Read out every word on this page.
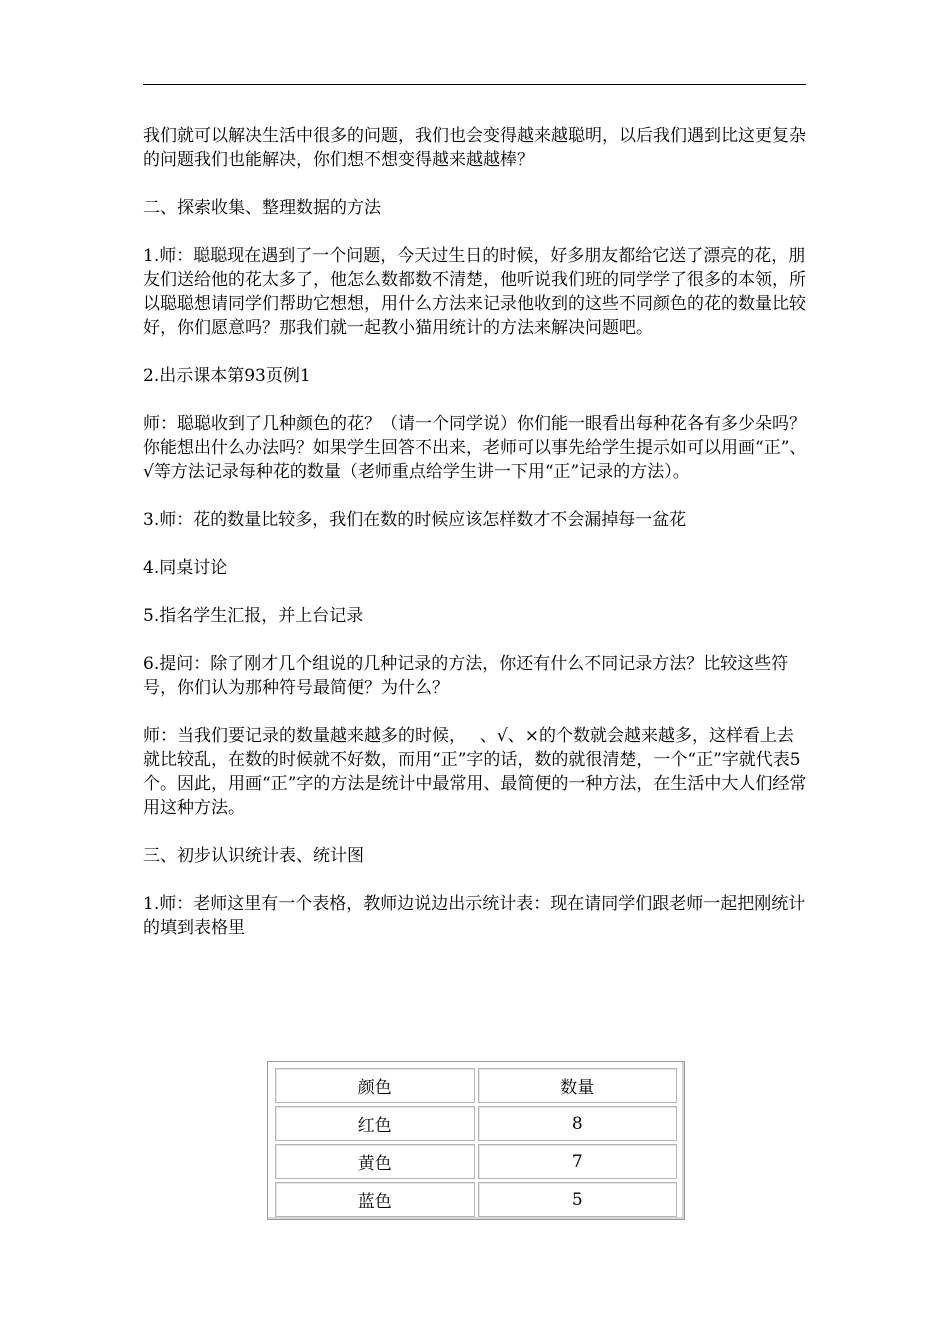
我们就可以解决生活中很多的问题，我们也会变得越来越聪明，以后我们遇到比这更复杂的问题我们也能解决，你们想不想变得越来越越棒？

二、探索收集、整理数据的方法

1.师：聪聪现在遇到了一个问题，今天过生日的时候，好多朋友都给它送了漂亮的花，朋友们送给他的花太多了，他怎么数都数不清楚，他听说我们班的同学学了很多的本领，所以聪聪想请同学们帮助它想想，用什么方法来记录他收到的这些不同颜色的花的数量比较好，你们愿意吗？那我们就一起教小猫用统计的方法来解决问题吧。

2.出示课本第93页例1

师：聪聪收到了几种颜色的花？（请一个同学说）你们能一眼看出每种花各有多少朵吗？你能想出什么办法吗？如果学生回答不出来，老师可以事先给学生提示如可以用画“正”、√等方法记录每种花的数量（老师重点给学生讲一下用“正”记录的方法）。

3.师：花的数量比较多，我们在数的时候应该怎样数才不会漏掉每一盆花

4.同桌讨论

5.指名学生汇报，并上台记录

6.提问：除了刚才几个组说的几种记录的方法，你还有什么不同记录方法？比较这些符号，你们认为那种符号最简便？为什么？

师：当我们要记录的数量越来越多的时候，　 、√、×的个数就会越来越多，这样看上去就比较乱，在数的时候就不好数，而用“正”字的话，数的就很清楚，一个“正”字就代表5个。因此，用画“正”字的方法是统计中最常用、最简便的一种方法，在生活中大人们经常用这种方法。

三、初步认识统计表、统计图

1.师：老师这里有一个表格，教师边说边出示统计表：现在请同学们跟老师一起把刚统计的填到表格里

颜色	数量
红色	8
黄色	7
蓝色	5
